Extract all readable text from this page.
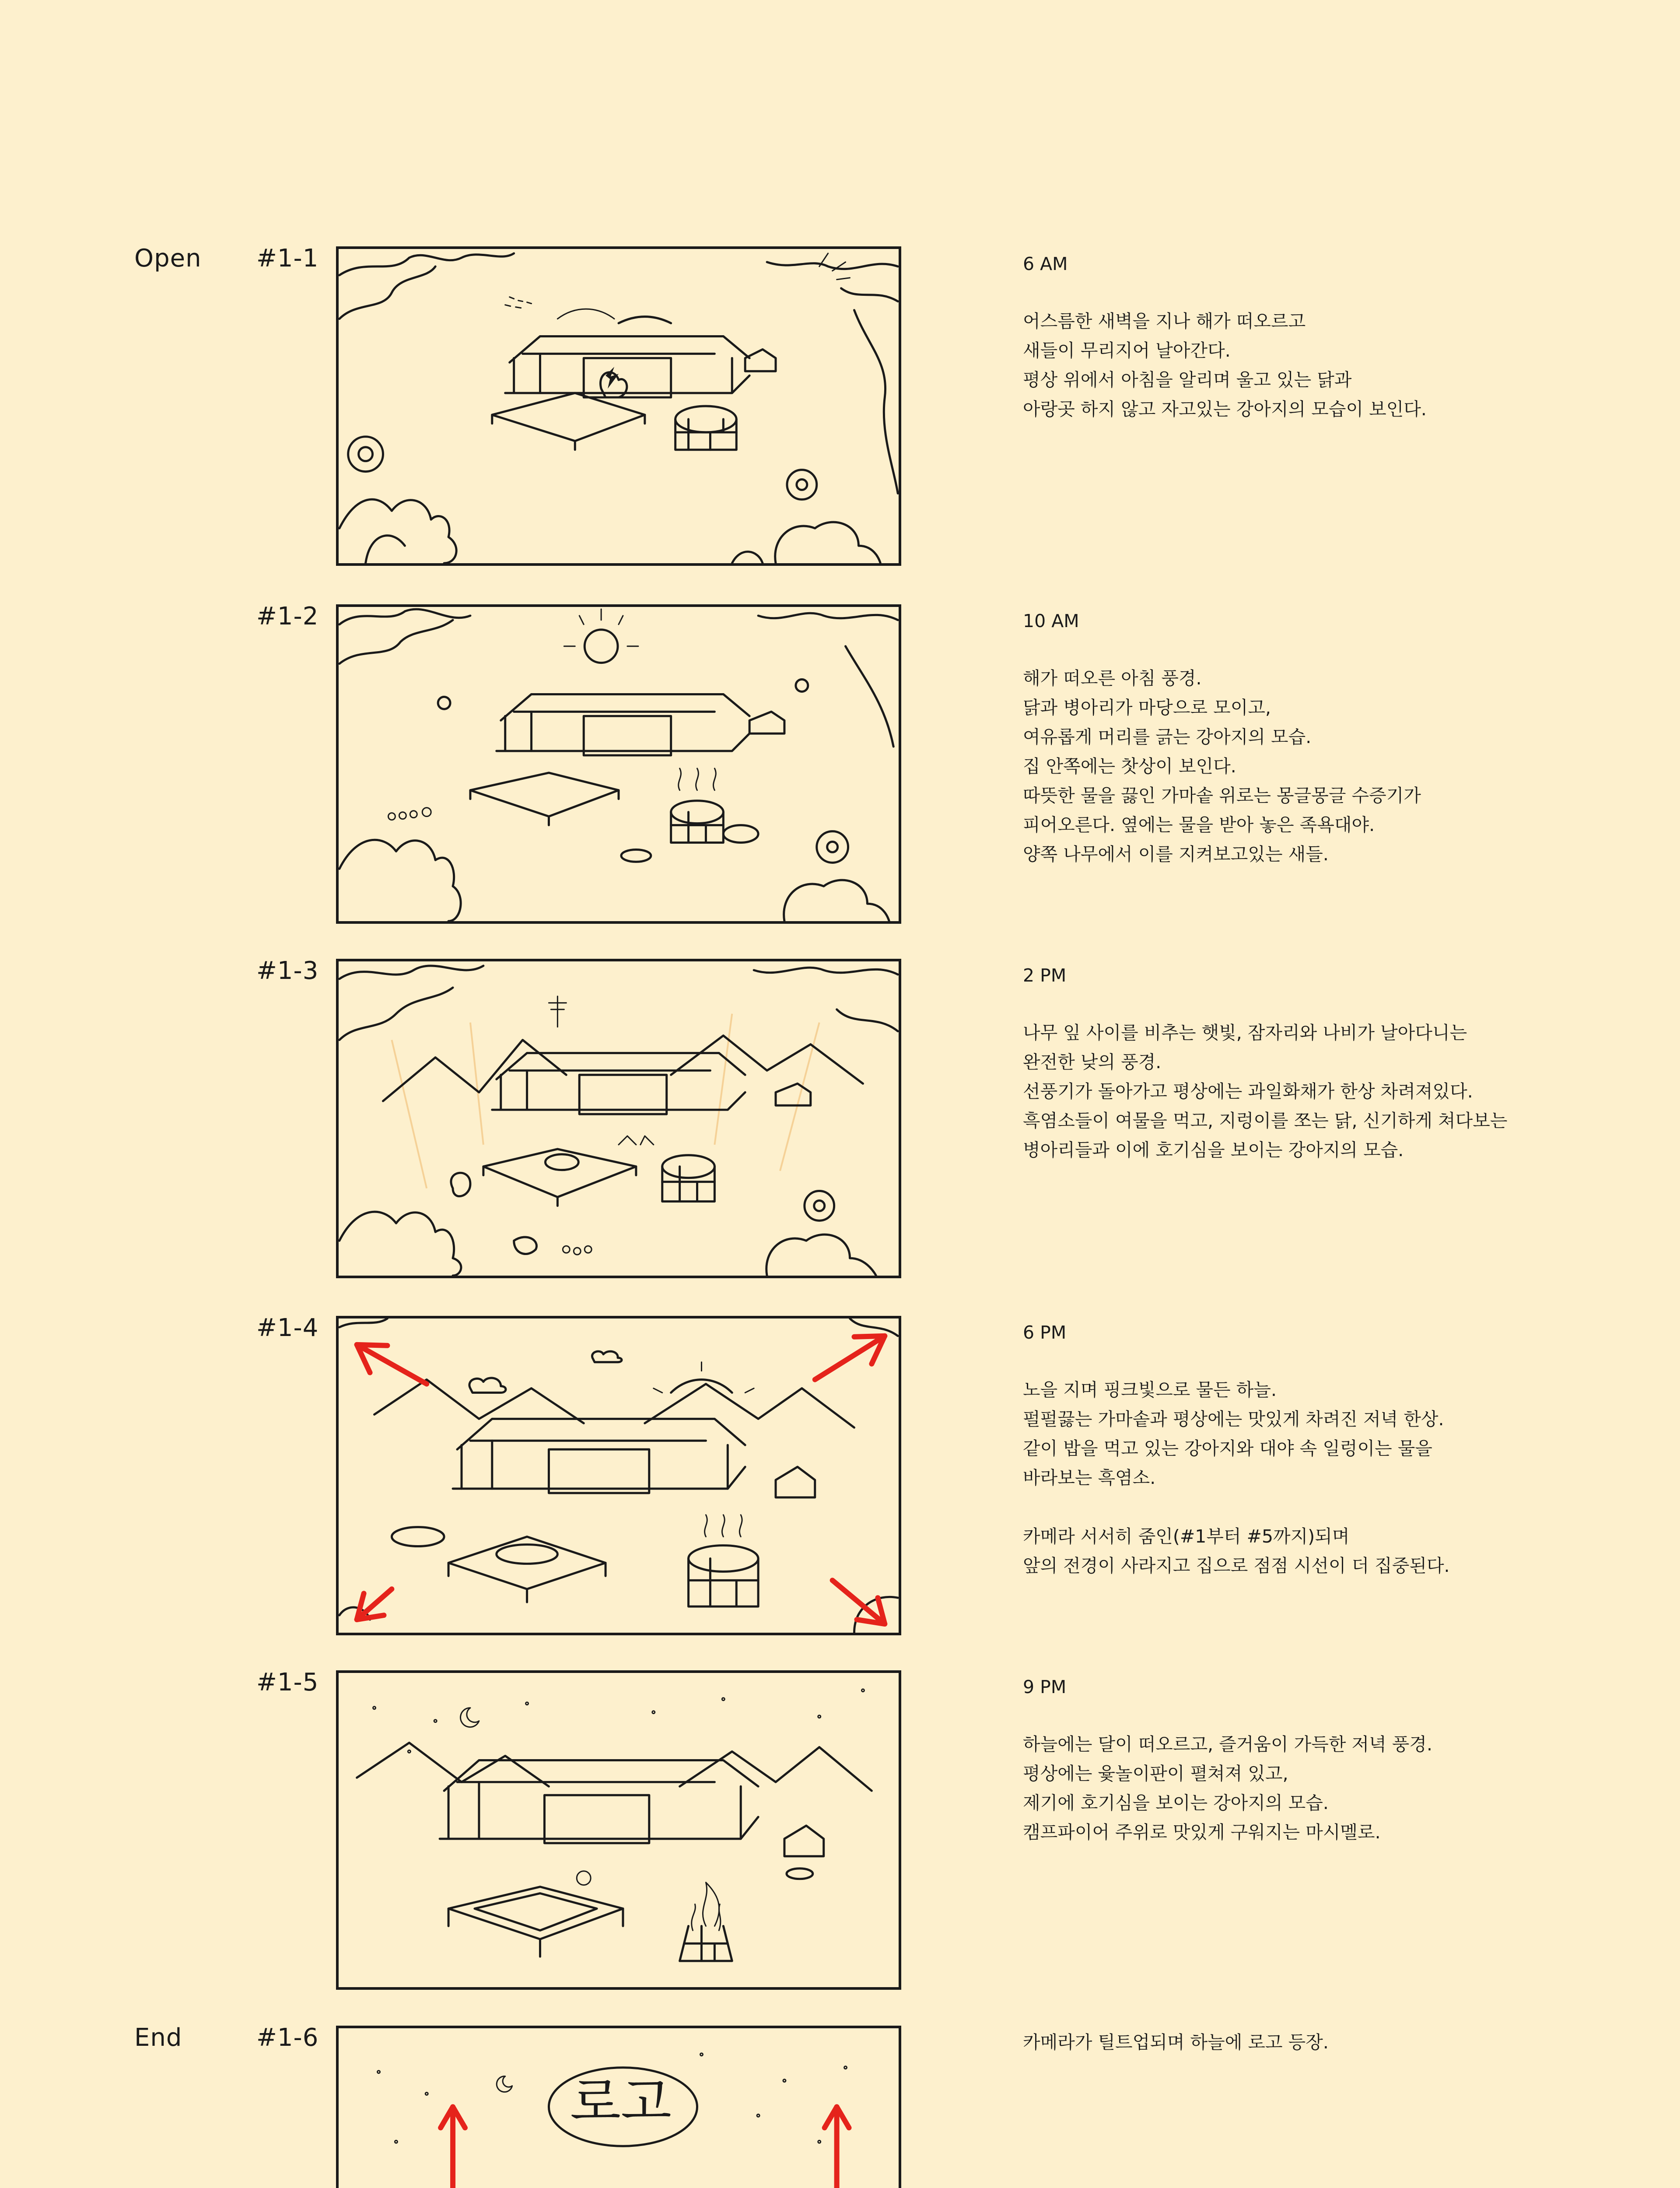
Open
End
#1-1
#1-2
#1-3
#1-4
#1-5
#1-6
로고
6 AM
어스름한 새벽을 지나 해가 떠오르고
새들이 무리지어 날아간다.
평상 위에서 아침을 알리며 울고 있는 닭과
아랑곳 하지 않고 자고있는 강아지의 모습이 보인다.
10 AM
해가 떠오른 아침 풍경.
닭과 병아리가 마당으로 모이고,
여유롭게 머리를 긁는 강아지의 모습.
집 안쪽에는 찻상이 보인다.
따뜻한 물을 끓인 가마솥 위로는 몽글몽글 수증기가
피어오른다. 옆에는 물을 받아 놓은 족욕대야.
양쪽 나무에서 이를 지켜보고있는 새들.
2 PM
나무 잎 사이를 비추는 햇빛, 잠자리와 나비가 날아다니는
완전한 낮의 풍경.
선풍기가 돌아가고 평상에는 과일화채가 한상 차려져있다.
흑염소들이 여물을 먹고, 지렁이를 쪼는 닭, 신기하게 쳐다보는
병아리들과 이에 호기심을 보이는 강아지의 모습.
6 PM
노을 지며 핑크빛으로 물든 하늘.
펄펄끓는 가마솥과 평상에는 맛있게 차려진 저녁 한상.
같이 밥을 먹고 있는 강아지와 대야 속 일렁이는 물을
바라보는 흑염소.
카메라 서서히 줌인(#1부터 #5까지)되며
앞의 전경이 사라지고 집으로 점점 시선이 더 집중된다.
9 PM
하늘에는 달이 떠오르고, 즐거움이 가득한 저녁 풍경.
평상에는 윷놀이판이 펼쳐져 있고,
제기에 호기심을 보이는 강아지의 모습.
캠프파이어 주위로 맛있게 구워지는 마시멜로.
카메라가 틸트업되며 하늘에 로고 등장.
